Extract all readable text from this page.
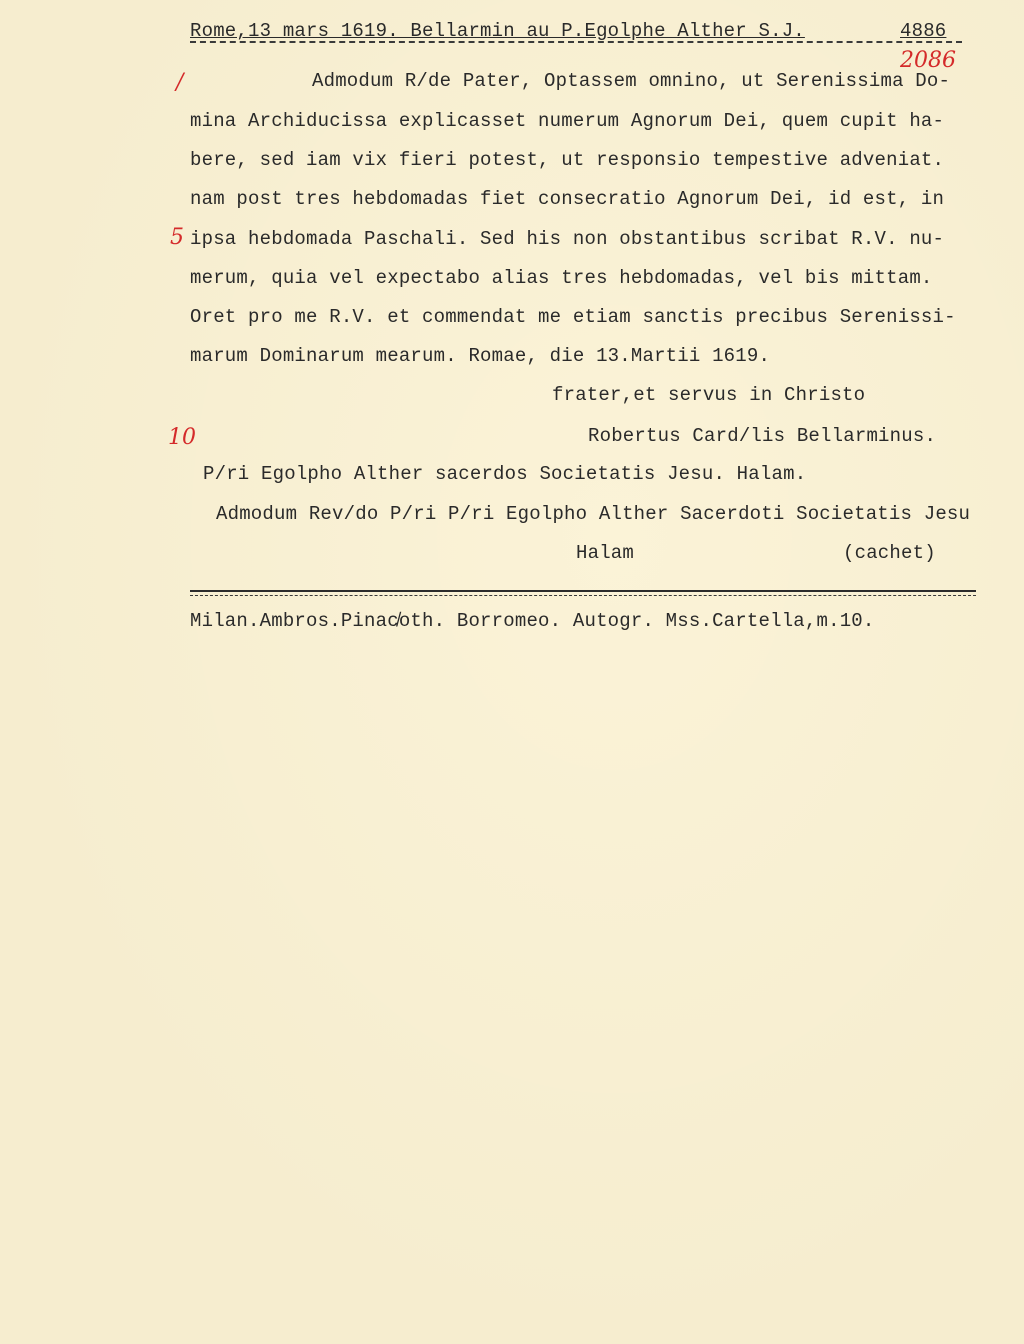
Rome,13 mars 1619. Bellarmin au P.Egolphe Alther S.J.

	4886

2086
/
5
10
Admodum R/de Pater, Optassem omnino, ut Serenissima Do-
mina Archiducissa explicasset numerum Agnorum Dei, quem cupit ha-
bere, sed iam vix fieri potest, ut responsio tempestive adveniat.
nam post tres hebdomadas fiet consecratio Agnorum Dei, id est, in
ipsa hebdomada Paschali. Sed his non obstantibus scribat R.V. nu-
merum, quia vel expectabo alias tres hebdomadas, vel bis mittam.
Oret pro me R.V. et commendat me etiam sanctis precibus Serenissi-
marum Dominarum mearum. Romae, die 13.Martii 1619.
frater,et servus in Christo
Robertus Card/lis Bellarminus.
P/ri Egolpho Alther sacerdos Societatis Jesu. Halam.
Admodum Rev/do P/ri P/ri Egolpho Alther Sacerdoti Societatis Jesu
Halam	(cachet)
Milan.Ambros.Pinac̸oth. Borromeo. Autogr. Mss.Cartella,m.10.
